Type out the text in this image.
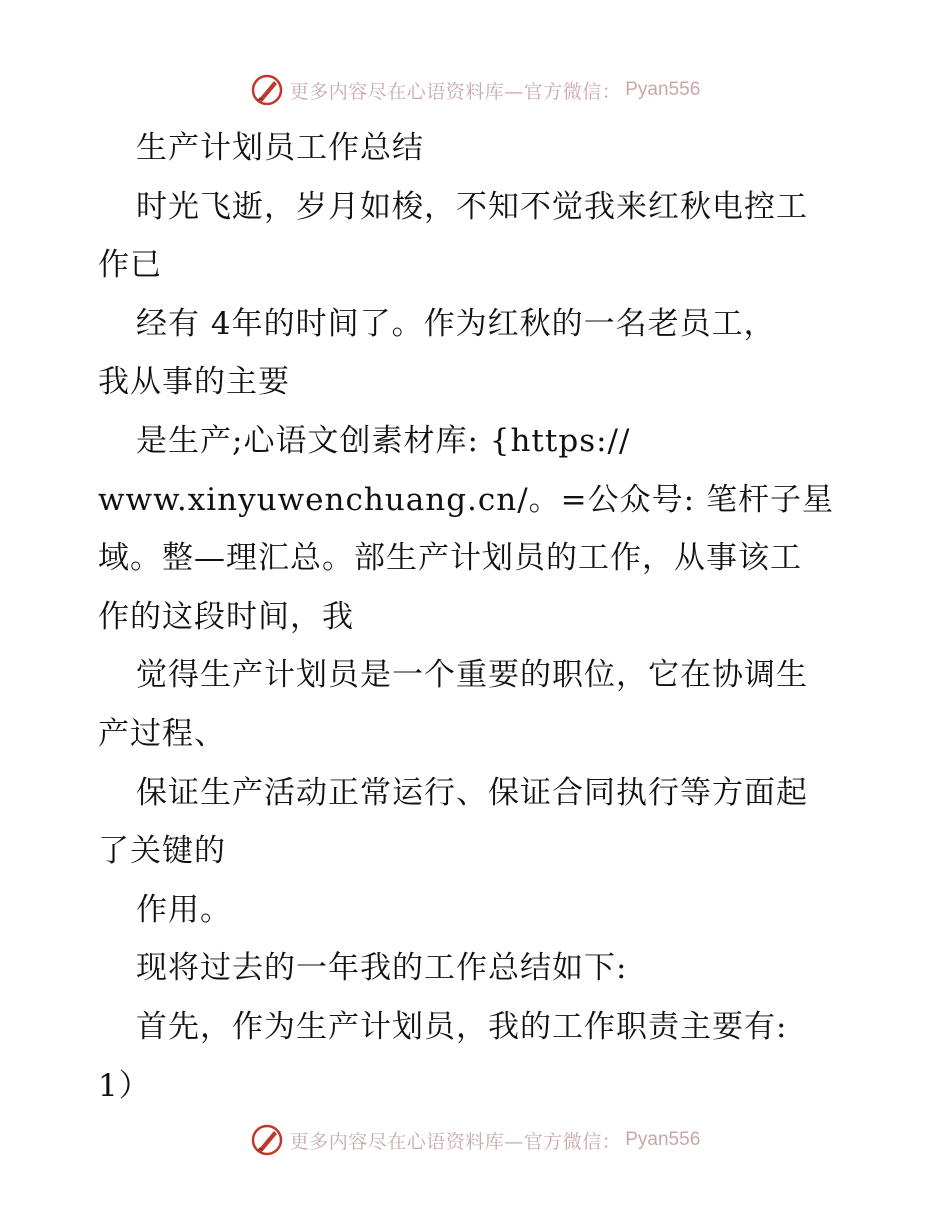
更多内容尽在心语资料库—官方微信： Pyan556
生产计划员工作总结
时光飞逝，岁月如梭，不知不觉我来红秋电控工
作已
经有 4年的时间了。作为红秋的一名老员工，
我从事的主要
是生产;心语文创素材库: {https://
www.xinyuwenchuang.cn/。=公众号: 笔杆子星
域。整—理汇总。部生产计划员的工作，从事该工
作的这段时间，我
觉得生产计划员是一个重要的职位，它在协调生
产过程、
保证生产活动正常运行、保证合同执行等方面起
了关键的
作用。
现将过去的一年我的工作总结如下:
首先，作为生产计划员，我的工作职责主要有:
1）
更多内容尽在心语资料库—官方微信： Pyan556
